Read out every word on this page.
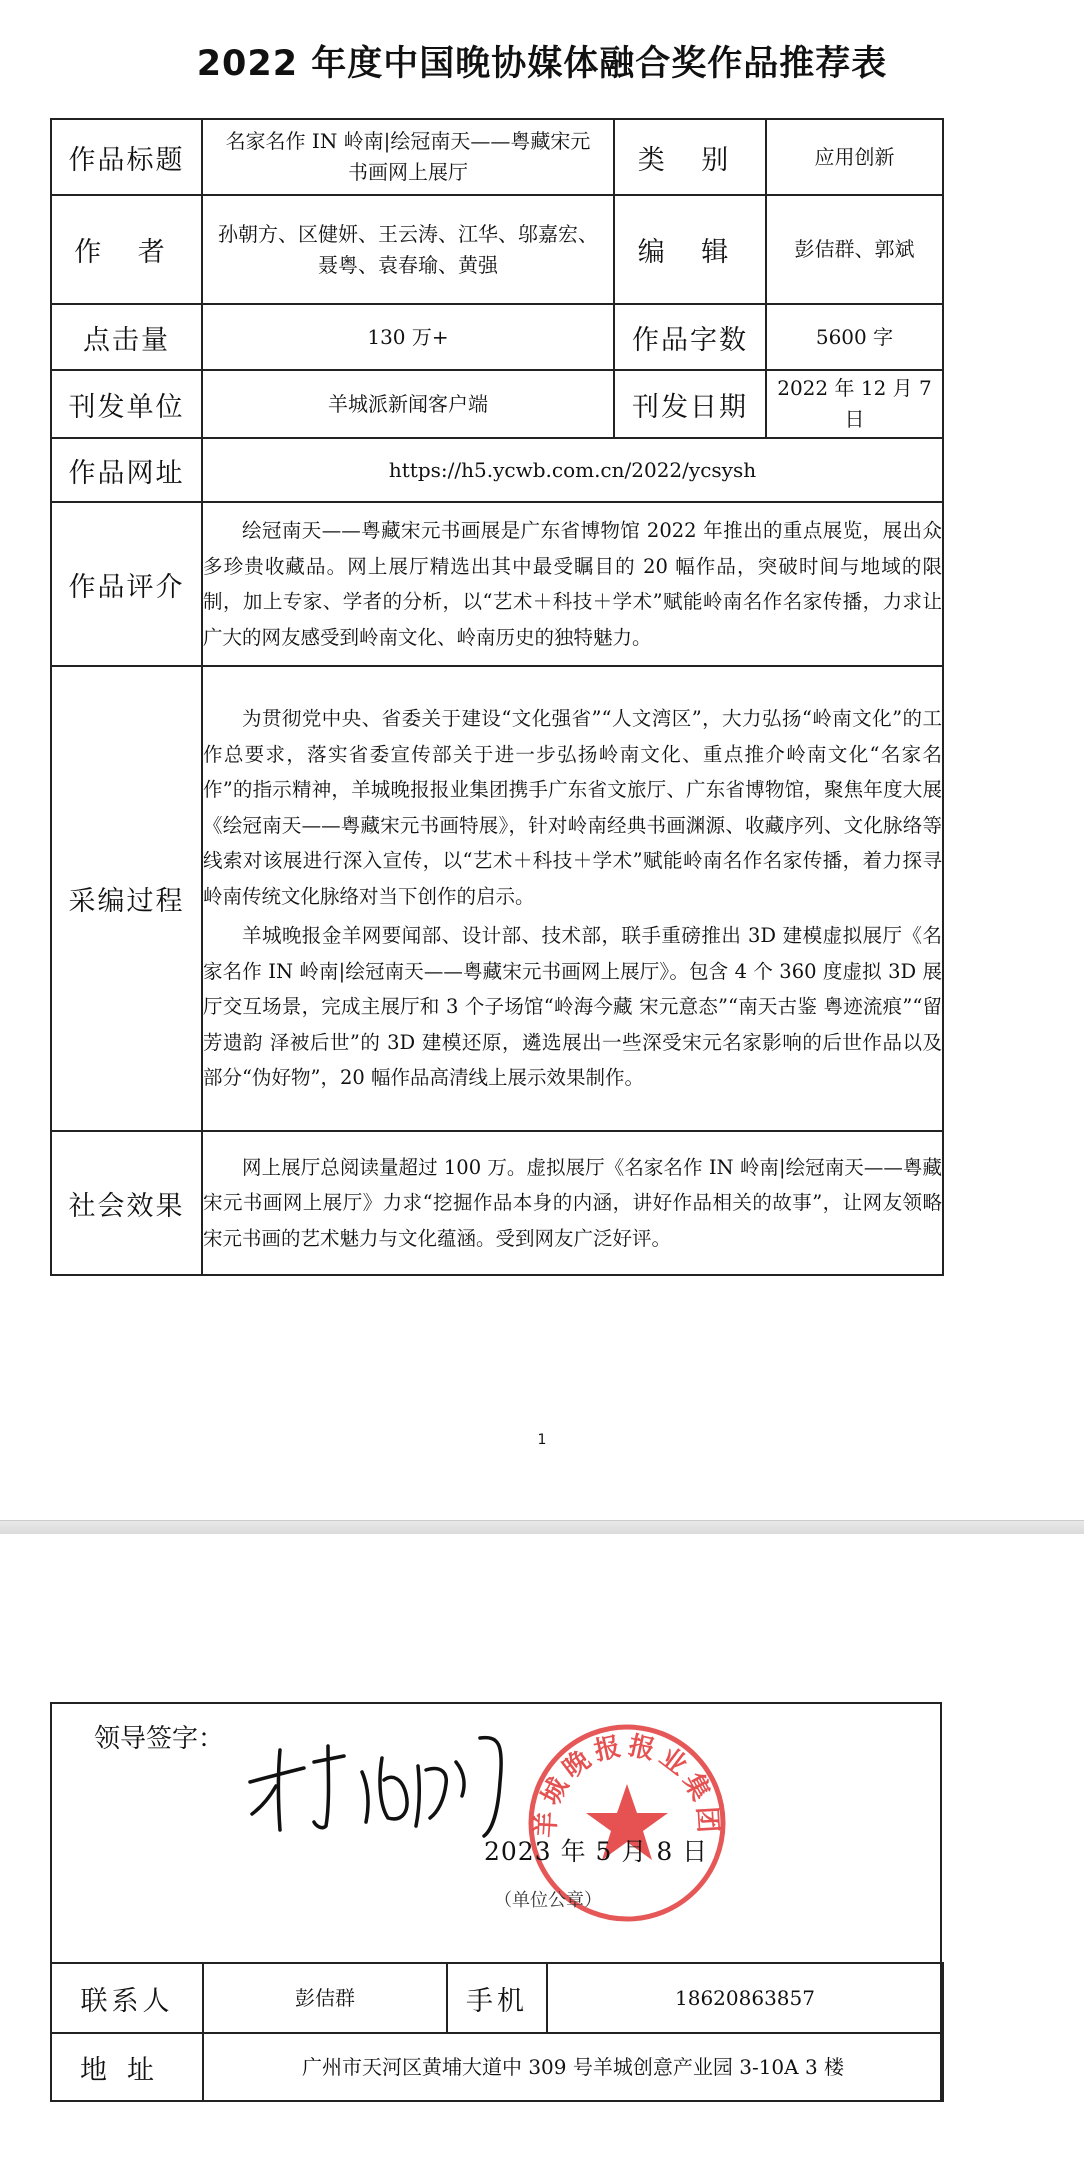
2022 年度中国晚协媒体融合奖作品推荐表
作品标题	名家名作 IN 岭南|绘冠南天——粤藏宋元书画网上展厅	类 别	应用创新
作 者	孙朝方、区健妍、王云涛、江华、邬嘉宏、聂粤、袁春瑜、黄强	编 辑	彭佶群、郭斌
点击量	130 万+	作品字数	5600 字
刊发单位	羊城派新闻客户端	刊发日期	2022 年 12 月 7 日
作品网址	https://h5.ycwb.com.cn/2022/ycsysh		
作品评介	绘冠南天——粤藏宋元书画展是广东省博物馆 2022 年推出的重点展览，展出众多珍贵收藏品。网上展厅精选出其中最受瞩目的 20 幅作品，突破时间与地域的限制，加上专家、学者的分析，以“艺术＋科技＋学术”赋能岭南名作名家传播，力求让广大的网友感受到岭南文化、岭南历史的独特魅力。		
采编过程	为贯彻党中央、省委关于建设“文化强省”“人文湾区”，大力弘扬“岭南文化”的工作总要求，落实省委宣传部关于进一步弘扬岭南文化、重点推介岭南文化“名家名作”的指示精神，羊城晚报报业集团携手广东省文旅厅、广东省博物馆，聚焦年度大展《绘冠南天——粤藏宋元书画特展》，针对岭南经典书画渊源、收藏序列、文化脉络等线索对该展进行深入宣传，以“艺术＋科技＋学术”赋能岭南名作名家传播，着力探寻岭南传统文化脉络对当下创作的启示。

羊城晚报金羊网要闻部、设计部、技术部，联手重磅推出 3D 建模虚拟展厅《名家名作 IN 岭南|绘冠南天——粤藏宋元书画网上展厅》。包含 4 个 360 度虚拟 3D 展厅交互场景，完成主展厅和 3 个子场馆“岭海今藏 宋元意态”“南天古鉴 粤迹流痕”“留芳遗韵 泽被后世”的 3D 建模还原，遴选展出一些深受宋元名家影响的后世作品以及部分“伪好物”，20 幅作品高清线上展示效果制作。		

社会效果	网上展厅总阅读量超过 100 万。虚拟展厅《名家名作 IN 岭南|绘冠南天——粤藏宋元书画网上展厅》力求“挖掘作品本身的内涵，讲好作品相关的故事”，让网友领略宋元书画的艺术魅力与文化蕴涵。受到网友广泛好评。		
1
领导签字：
羊城晚报报业集团
2023 年 5 月 8 日
（单位公章）
联系人	彭佶群	手机	18620863857
地址	广州市天河区黄埔大道中 309 号羊城创意产业园 3-10A 3 楼		
